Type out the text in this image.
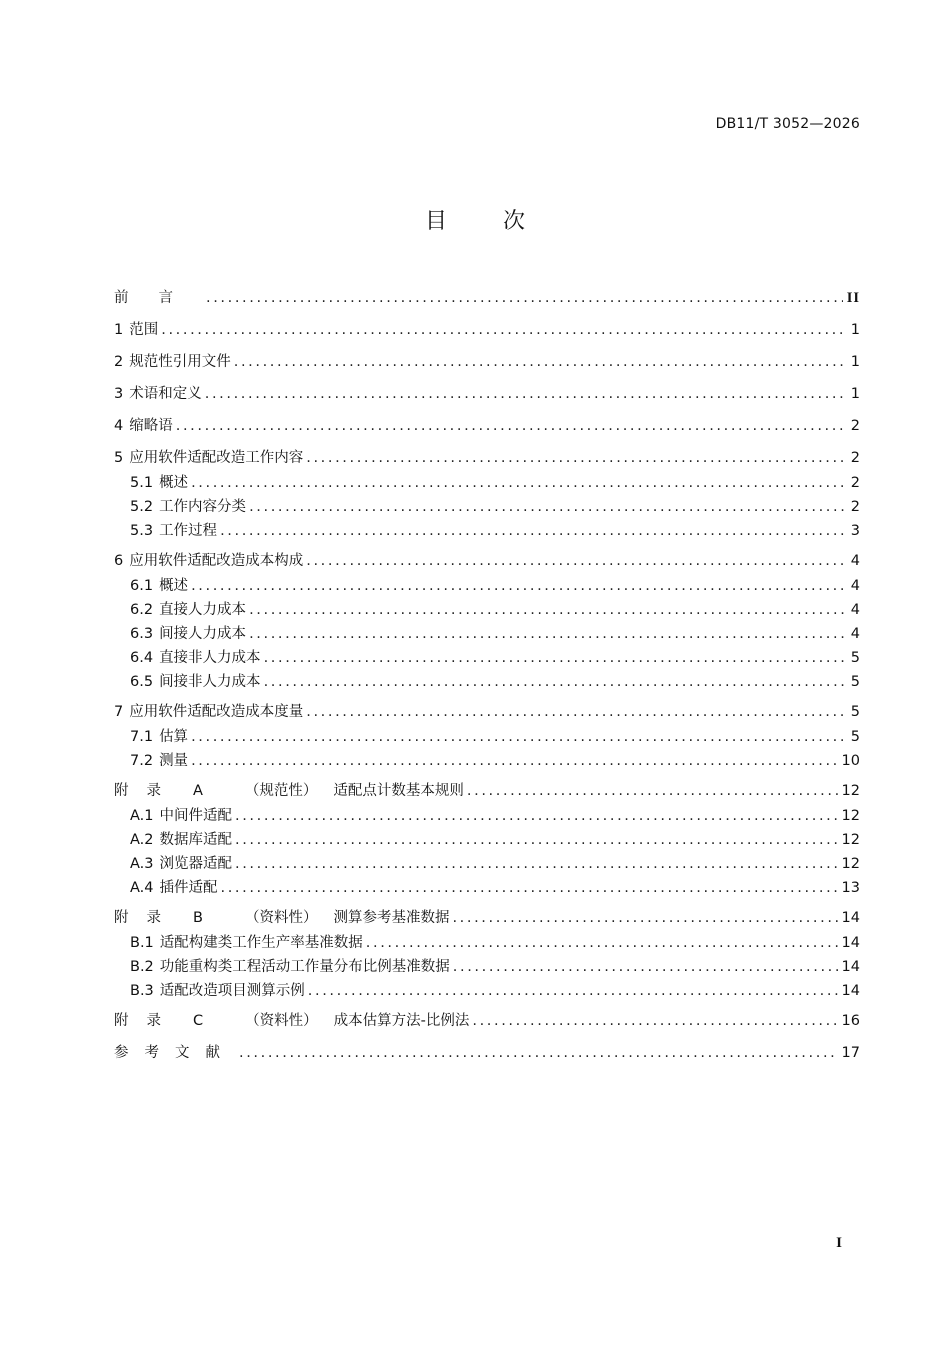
DB11/T 3052—2026
目次
前言 .....	II
1 范围 .....	1
2 规范性引用文件 .....	1
3 术语和定义 .....	1
4 缩略语 .....	2
5 应用软件适配改造工作内容 .....	2
5.1 概述 .....	2
5.2 工作内容分类 .....	2
5.3 工作过程 .....	3
6 应用软件适配改造成本构成 .....	4
6.1 概述 .....	4
6.2 直接人力成本 .....	4
6.3 间接人力成本 .....	4
6.4 直接非人力成本 .....	5
6.5 间接非人力成本 .....	5
7 应用软件适配改造成本度量 .....	5
7.1 估算 .....	5
7.2 测量 .....	10
附录 A	（规范性） 适配点计数基本规则 .....	12
A.1 中间件适配 .....	12
A.2 数据库适配 .....	12
A.3 浏览器适配 .....	12
A.4 插件适配 .....	13
附录 B	（资料性） 测算参考基准数据 .....	14
B.1 适配构建类工作生产率基准数据 .....	14
B.2 功能重构类工程活动工作量分布比例基准数据 .....	14
B.3 适配改造项目测算示例 .....	14
附录 C	（资料性） 成本估算方法-比例法 .....	16
参考文献 .....	17
I
